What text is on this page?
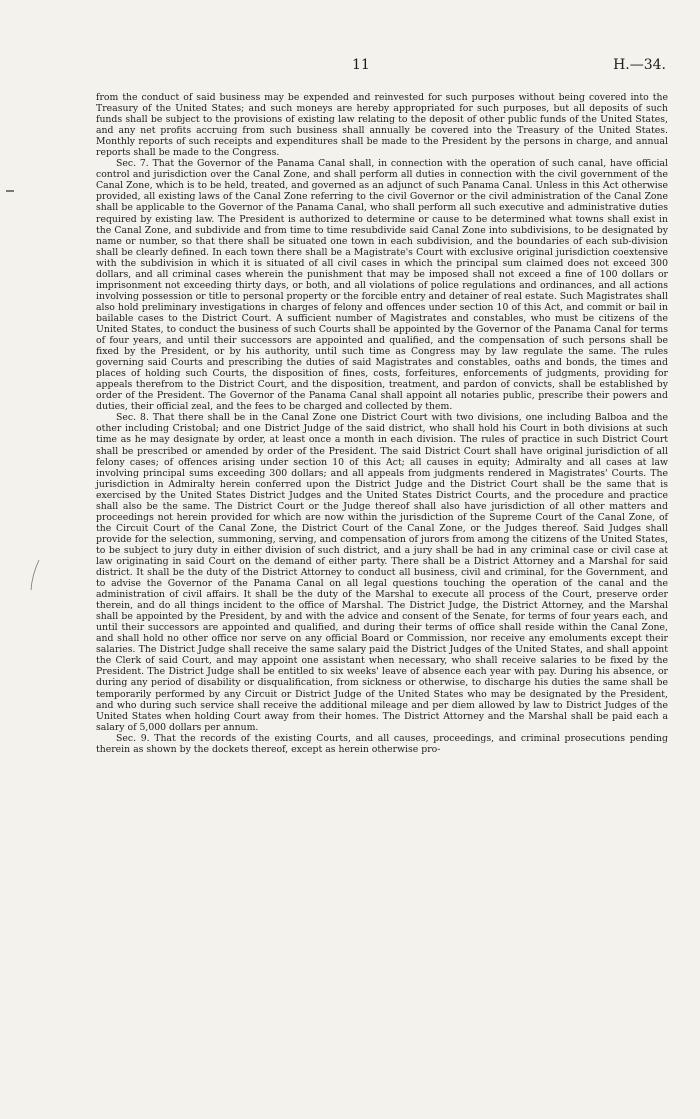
11	H.—34.

from the conduct of said business may be expended and reinvested for such purposes without being covered into the Treasury of the United States; and such moneys are hereby appropriated for such purposes, but all deposits of such funds shall be subject to the provisions of existing law relating to the deposit of other public funds of the United States, and any net profits accruing from such business shall annually be covered into the Treasury of the United States. Monthly reports of such receipts and expenditures shall be made to the President by the persons in charge, and annual reports shall be made to the Congress.

Sec. 7. That the Governor of the Panama Canal shall, in connection with the operation of such canal, have official control and jurisdiction over the Canal Zone, and shall perform all duties in connection with the civil government of the Canal Zone, which is to be held, treated, and governed as an adjunct of such Panama Canal. Unless in this Act otherwise provided, all existing laws of the Canal Zone referring to the civil Governor or the civil administration of the Canal Zone shall be applicable to the Governor of the Panama Canal, who shall perform all such executive and administrative duties required by existing law. The President is authorized to determine or cause to be determined what towns shall exist in the Canal Zone, and subdivide and from time to time resubdivide said Canal Zone into subdivisions, to be designated by name or number, so that there shall be situated one town in each subdivision, and the boundaries of each sub-division shall be clearly defined. In each town there shall be a Magistrate's Court with exclusive original jurisdiction coextensive with the subdivision in which it is situated of all civil cases in which the principal sum claimed does not exceed 300 dollars, and all criminal cases wherein the punishment that may be imposed shall not exceed a fine of 100 dollars or imprisonment not exceeding thirty days, or both, and all violations of police regulations and ordinances, and all actions involving possession or title to personal property or the forcible entry and detainer of real estate. Such Magistrates shall also hold preliminary investigations in charges of felony and offences under section 10 of this Act, and commit or bail in bailable cases to the District Court. A sufficient number of Magistrates and constables, who must be citizens of the United States, to conduct the business of such Courts shall be appointed by the Governor of the Panama Canal for terms of four years, and until their successors are appointed and qualified, and the compensation of such persons shall be fixed by the President, or by his authority, until such time as Congress may by law regulate the same. The rules governing said Courts and prescribing the duties of said Magistrates and constables, oaths and bonds, the times and places of holding such Courts, the disposition of fines, costs, forfeitures, enforcements of judgments, providing for appeals therefrom to the District Court, and the disposition, treatment, and pardon of convicts, shall be established by order of the President. The Governor of the Panama Canal shall appoint all notaries public, prescribe their powers and duties, their official zeal, and the fees to be charged and collected by them.

Sec. 8. That there shall be in the Canal Zone one District Court with two divisions, one including Balboa and the other including Cristobal; and one District Judge of the said district, who shall hold his Court in both divisions at such time as he may designate by order, at least once a month in each division. The rules of practice in such District Court shall be prescribed or amended by order of the President. The said District Court shall have original jurisdiction of all felony cases; of offences arising under section 10 of this Act; all causes in equity; Admiralty and all cases at law involving principal sums exceeding 300 dollars; and all appeals from judgments rendered in Magistrates' Courts. The jurisdiction in Admiralty herein conferred upon the District Judge and the District Court shall be the same that is exercised by the United States District Judges and the United States District Courts, and the procedure and practice shall also be the same. The District Court or the Judge thereof shall also have jurisdiction of all other matters and proceedings not herein provided for which are now within the jurisdiction of the Supreme Court of the Canal Zone, of the Circuit Court of the Canal Zone, the District Court of the Canal Zone, or the Judges thereof. Said Judges shall provide for the selection, summoning, serving, and compensation of jurors from among the citizens of the United States, to be subject to jury duty in either division of such district, and a jury shall be had in any criminal case or civil case at law originating in said Court on the demand of either party. There shall be a District Attorney and a Marshal for said district. It shall be the duty of the District Attorney to conduct all business, civil and criminal, for the Government, and to advise the Governor of the Panama Canal on all legal questions touching the operation of the canal and the administration of civil affairs. It shall be the duty of the Marshal to execute all process of the Court, preserve order therein, and do all things incident to the office of Marshal. The District Judge, the District Attorney, and the Marshal shall be appointed by the President, by and with the advice and consent of the Senate, for terms of four years each, and until their successors are appointed and qualified, and during their terms of office shall reside within the Canal Zone, and shall hold no other office nor serve on any official Board or Commission, nor receive any emoluments except their salaries. The District Judge shall receive the same salary paid the District Judges of the United States, and shall appoint the Clerk of said Court, and may appoint one assistant when necessary, who shall receive salaries to be fixed by the President. The District Judge shall be entitled to six weeks' leave of absence each year with pay. During his absence, or during any period of disability or disqualification, from sickness or otherwise, to discharge his duties the same shall be temporarily performed by any Circuit or District Judge of the United States who may be designated by the President, and who during such service shall receive the additional mileage and per diem allowed by law to District Judges of the United States when holding Court away from their homes. The District Attorney and the Marshal shall be paid each a salary of 5,000 dollars per annum.

Sec. 9. That the records of the existing Courts, and all causes, proceedings, and criminal prosecutions pending therein as shown by the dockets thereof, except as herein otherwise pro-
